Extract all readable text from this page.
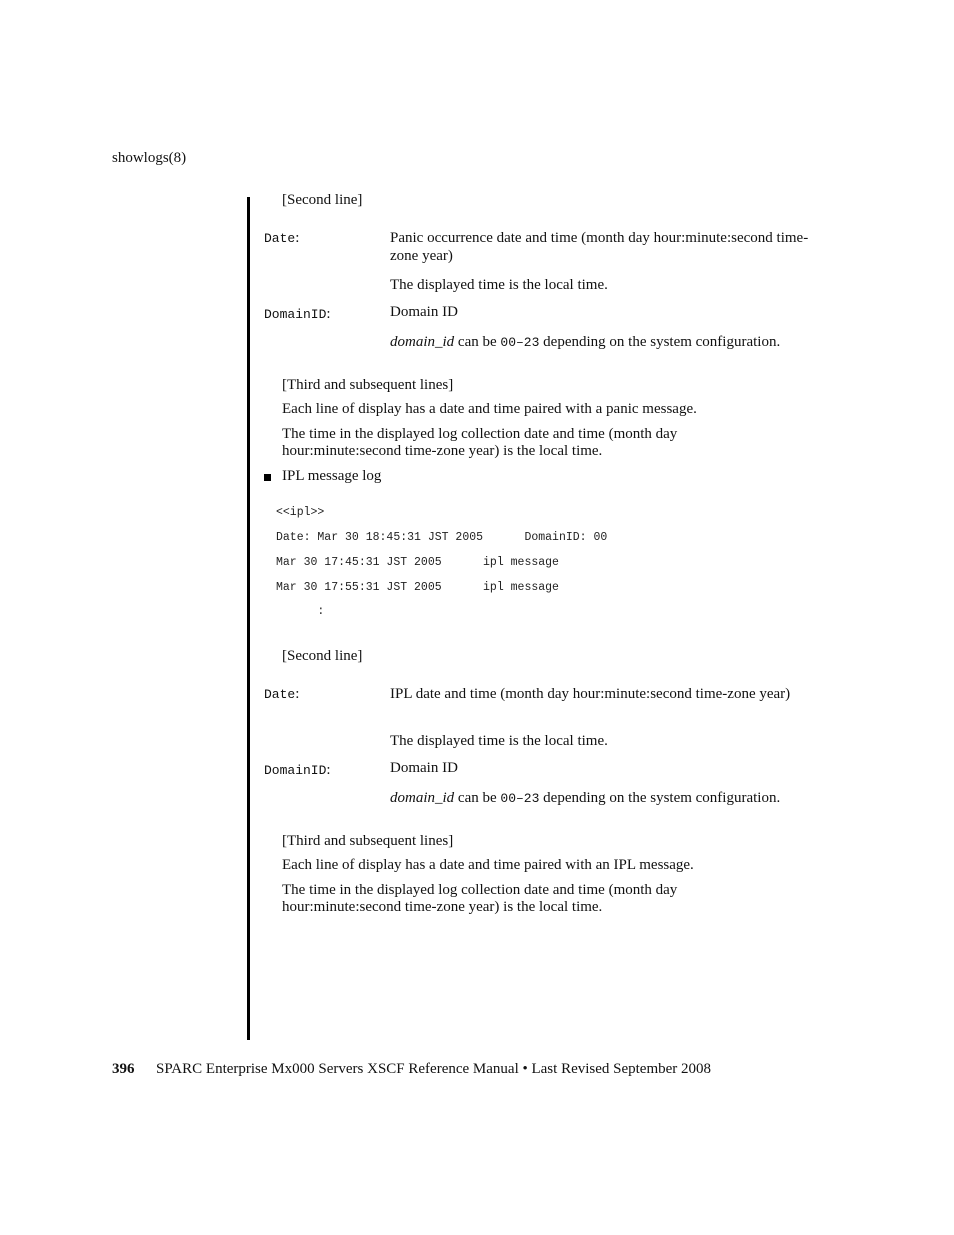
showlogs(8)
[Second line]
Date:	Panic occurrence date and time (month day hour:minute:second time-zone year)
The displayed time is the local time.
DomainID:	Domain ID
domain_id can be 00–23 depending on the system configuration.
[Third and subsequent lines]
Each line of display has a date and time paired with a panic message.
The time in the displayed log collection date and time (month day hour:minute:second time-zone year) is the local time.
IPL message log
<<ipl>>
Date: Mar 30 18:45:31 JST 2005      DomainID: 00
Mar 30 17:45:31 JST 2005      ipl message
Mar 30 17:55:31 JST 2005      ipl message
:
[Second line]
Date:	IPL date and time (month day hour:minute:second time-zone year)
The displayed time is the local time.
DomainID:	Domain ID
domain_id can be 00–23 depending on the system configuration.
[Third and subsequent lines]
Each line of display has a date and time paired with an IPL message.
The time in the displayed log collection date and time (month day hour:minute:second time-zone year) is the local time.
396 SPARC Enterprise Mx000 Servers XSCF Reference Manual • Last Revised September 2008
